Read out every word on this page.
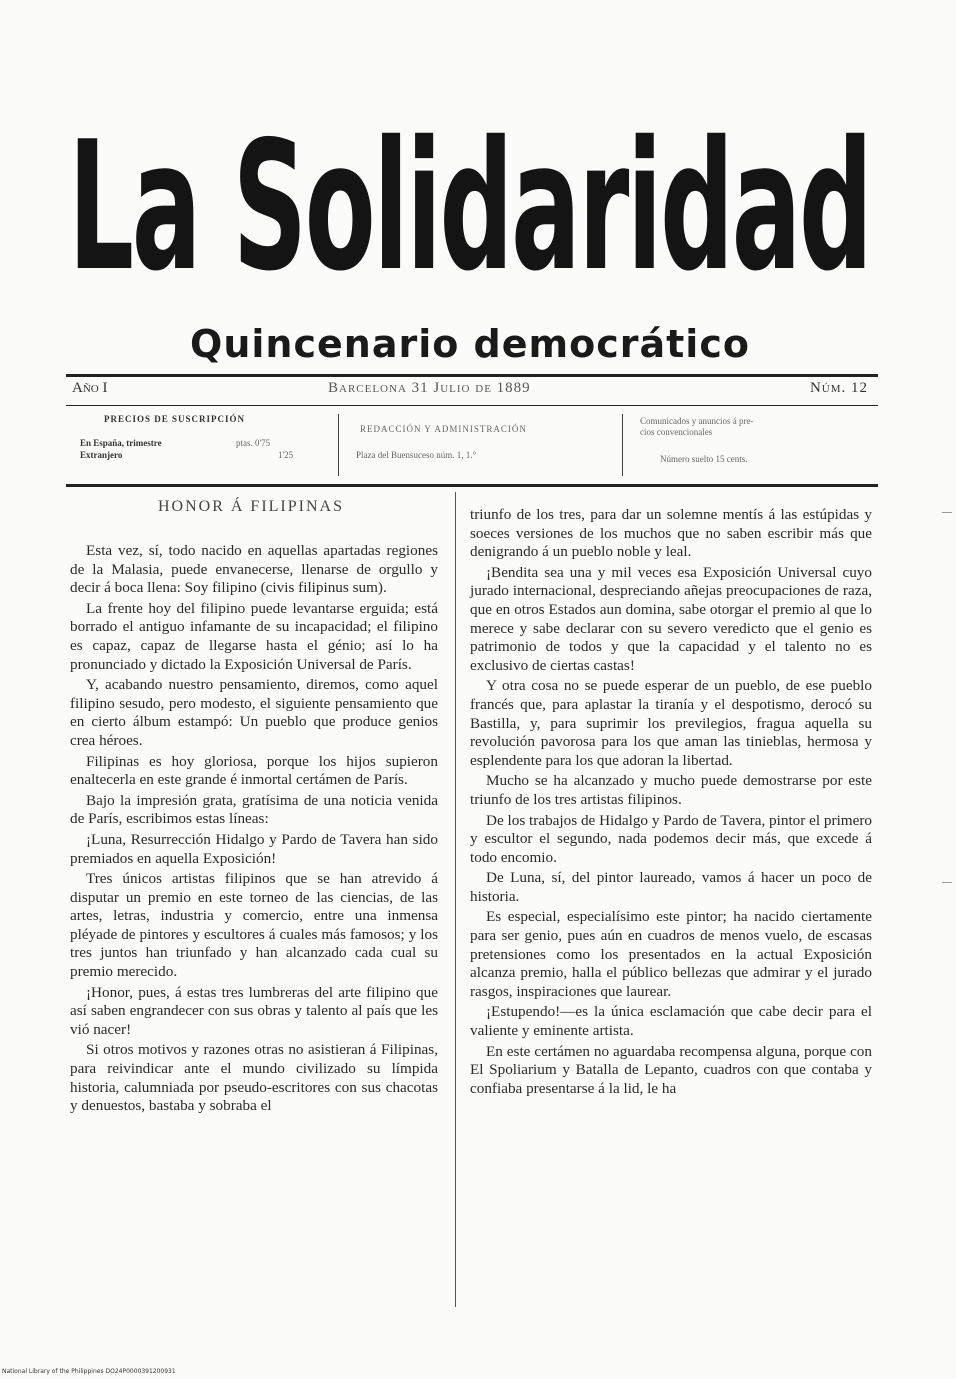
La Solidaridad
Quincenario democrático
Año I	Barcelona 31 Julio de 1889	Núm. 12
PRECIOS DE SUSCRIPCIÓN
En España, trimestre	ptas. 0'75
Extranjero	1'25
REDACCIÓN Y ADMINISTRACIÓN
Plaza del Buensuceso núm. 1, 1.°
Comunicados y anuncios á pre-
cios convencionales
Número suelto 15 cents.
HONOR Á FILIPINAS

Esta vez, sí, todo nacido en aquellas apartadas regiones de la Malasia, puede envanecerse, llenarse de orgullo y decir á boca llena: Soy filipino (civis filipinus sum).

La frente hoy del filipino puede levantarse erguida; está borrado el antiguo infamante de su incapacidad; el filipino es capaz, capaz de llegarse hasta el génio; así lo ha pronunciado y dictado la Exposición Universal de París.

Y, acabando nuestro pensamiento, diremos, como aquel filipino sesudo, pero modesto, el siguiente pensamiento que en cierto álbum estampó: Un pueblo que produce genios crea héroes.

Filipinas es hoy gloriosa, porque los hijos supieron enaltecerla en este grande é inmortal certámen de París.

Bajo la impresión grata, gratísima de una noticia venida de París, escribimos estas líneas:

¡Luna, Resurrección Hidalgo y Pardo de Tavera han sido premiados en aquella Exposición!

Tres únicos artistas filipinos que se han atrevido á disputar un premio en este torneo de las ciencias, de las artes, letras, industria y comercio, entre una inmensa pléyade de pintores y escultores á cuales más famosos; y los tres juntos han triunfado y han alcanzado cada cual su premio merecido.

¡Honor, pues, á estas tres lumbreras del arte filipino que así saben engrandecer con sus obras y talento al país que les vió nacer!

Si otros motivos y razones otras no asistieran á Filipinas, para reivindicar ante el mundo civilizado su límpida historia, calumniada por pseudo-escritores con sus chacotas y denuestos, bastaba y sobraba el

triunfo de los tres, para dar un solemne mentís á las estúpidas y soeces versiones de los muchos que no saben escribir más que denigrando á un pueblo noble y leal.

¡Bendita sea una y mil veces esa Exposición Universal cuyo jurado internacional, despreciando añejas preocupaciones de raza, que en otros Estados aun domina, sabe otorgar el premio al que lo merece y sabe declarar con su severo veredicto que el genio es patrimonio de todos y que la capacidad y el talento no es exclusivo de ciertas castas!

Y otra cosa no se puede esperar de un pueblo, de ese pueblo francés que, para aplastar la tiranía y el despotismo, derocó su Bastilla, y, para suprimir los previlegios, fragua aquella su revolución pavorosa para los que aman las tinieblas, hermosa y esplendente para los que adoran la libertad.

Mucho se ha alcanzado y mucho puede demostrarse por este triunfo de los tres artistas filipinos.

De los trabajos de Hidalgo y Pardo de Tavera, pintor el primero y escultor el segundo, nada podemos decir más, que excede á todo encomio.

De Luna, sí, del pintor laureado, vamos á hacer un poco de historia.

Es especial, especialísimo este pintor; ha nacido ciertamente para ser genio, pues aún en cuadros de menos vuelo, de escasas pretensiones como los presentados en la actual Exposición alcanza premio, halla el público bellezas que admirar y el jurado rasgos, inspiraciones que laurear.

¡Estupendo!—es la única esclamación que cabe decir para el valiente y eminente artista.

En este certámen no aguardaba recompensa alguna, porque con El Spoliarium y Batalla de Lepanto, cuadros con que contaba y confiaba presentarse á la lid, le ha

National Library of the Philippines DO24P0000391200931
